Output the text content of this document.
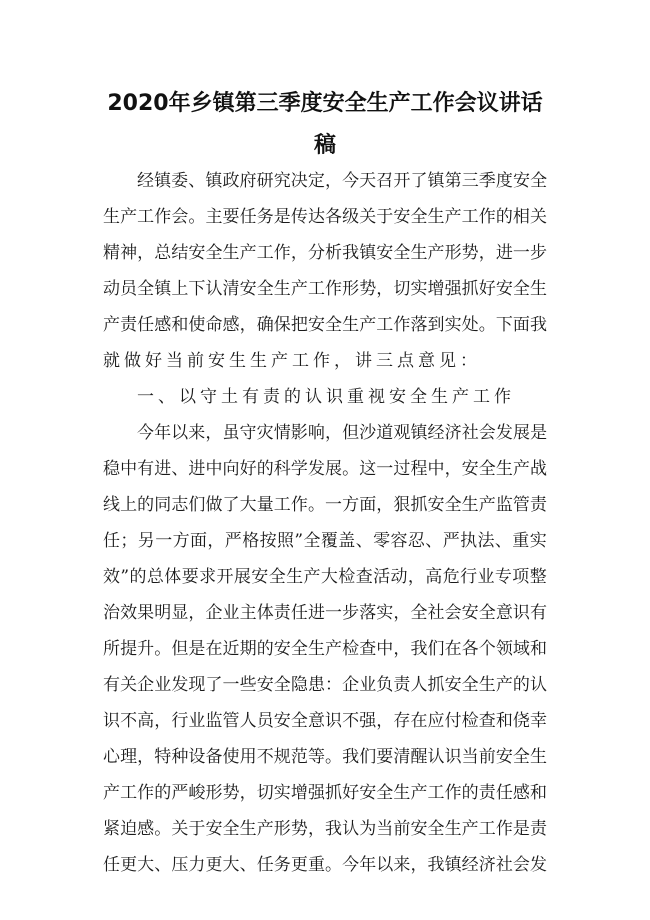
2020年乡镇第三季度安全生产工作会议讲话
稿
经镇委、镇政府研究决定，今天召开了镇第三季度安全
生产工作会。主要任务是传达各级关于安全生产工作的相关
精神，总结安全生产工作，分析我镇安全生产形势，进一步
动员全镇上下认清安全生产工作形势，切实增强抓好安全生
产责任感和使命感，确保把安全生产工作落到实处。下面我
就做好当前安生生产工作，讲三点意见：
一、以守土有责的认识重视安全生产工作
今年以来，虽守灾情影响，但沙道观镇经济社会发展是
稳中有进、进中向好的科学发展。这一过程中，安全生产战
线上的同志们做了大量工作。一方面，狠抓安全生产监管责
任；另一方面，严格按照”全覆盖、零容忍、严执法、重实
效”的总体要求开展安全生产大检查活动，高危行业专项整
治效果明显，企业主体责任进一步落实，全社会安全意识有
所提升。但是在近期的安全生产检查中，我们在各个领域和
有关企业发现了一些安全隐患：企业负责人抓安全生产的认
识不高，行业监管人员安全意识不强，存在应付检查和侥幸
心理，特种设备使用不规范等。我们要清醒认识当前安全生
产工作的严峻形势，切实增强抓好安全生产工作的责任感和
紧迫感。关于安全生产形势，我认为当前安全生产工作是责
任更大、压力更大、任务更重。今年以来，我镇经济社会发
